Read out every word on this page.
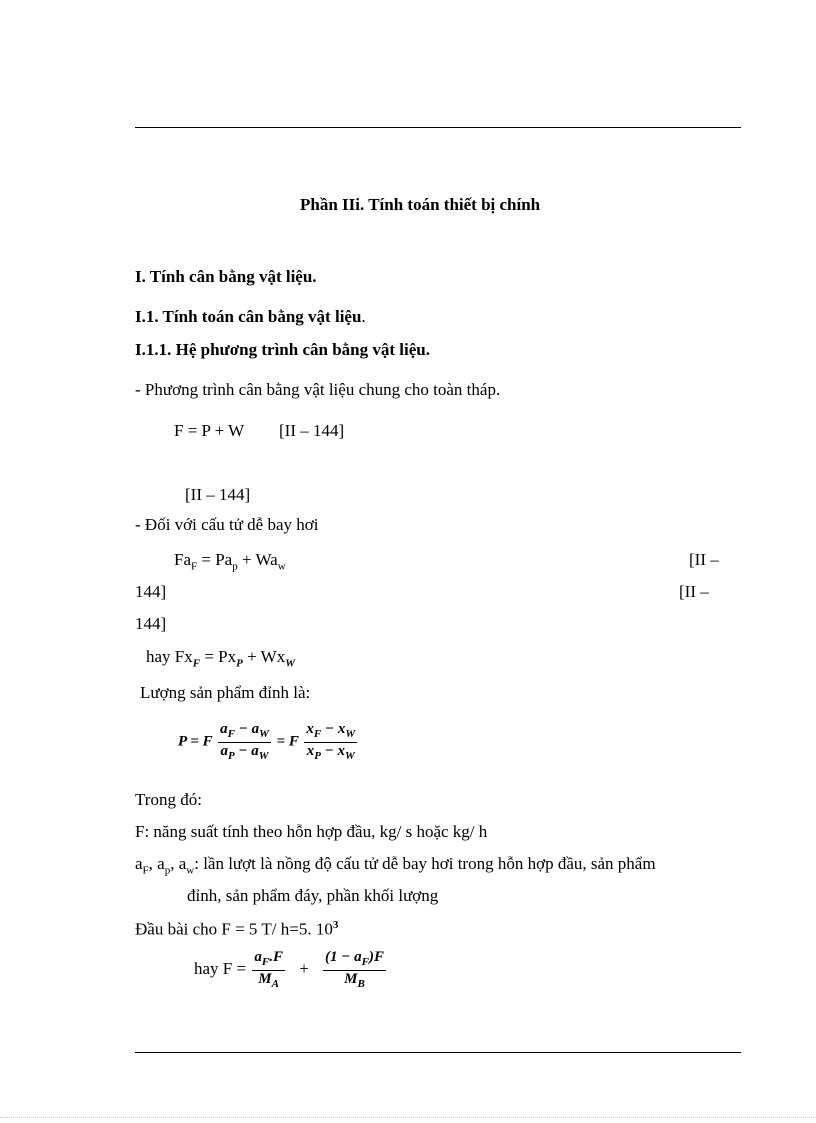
Phần IIi. Tính toán thiết bị chính
I. Tính cân bằng vật liệu.
I.1. Tính toán cân bằng vật liệu.
I.1.1. Hệ phương trình cân bằng vật liệu.
- Phương trình cân bằng vật liệu chung cho toàn tháp.
F = P + W [II – 144]
[II – 144]
- Đối với cấu tử dễ bay hơi
$Fa_F = Pa_p + Wa_w$	[II –
144]	[II –
144]
hay $Fx_F = Px_P + Wx_W$
Lượng sản phẩm đỉnh là:
P = F $\frac{a_F - a_W}{a_P - a_W} = F \frac{x_F - x_W}{x_P - x_W}$
Trong đó:
F: năng suất tính theo hỗn hợp đầu, kg/ s hoặc kg/ h
$a_F$, $a_p$, $a_w$: lần lượt là nồng độ cấu tử dễ bay hơi trong hỗn hợp đầu, sản phẩm
đỉnh, sản phẩm đáy, phần khối lượng
Đầu bài cho F = 5 T/ h=5. $10^3$
hay $F = \frac{a_F.F}{M_A} + \frac{(1 - a_F)F}{M_B}$
